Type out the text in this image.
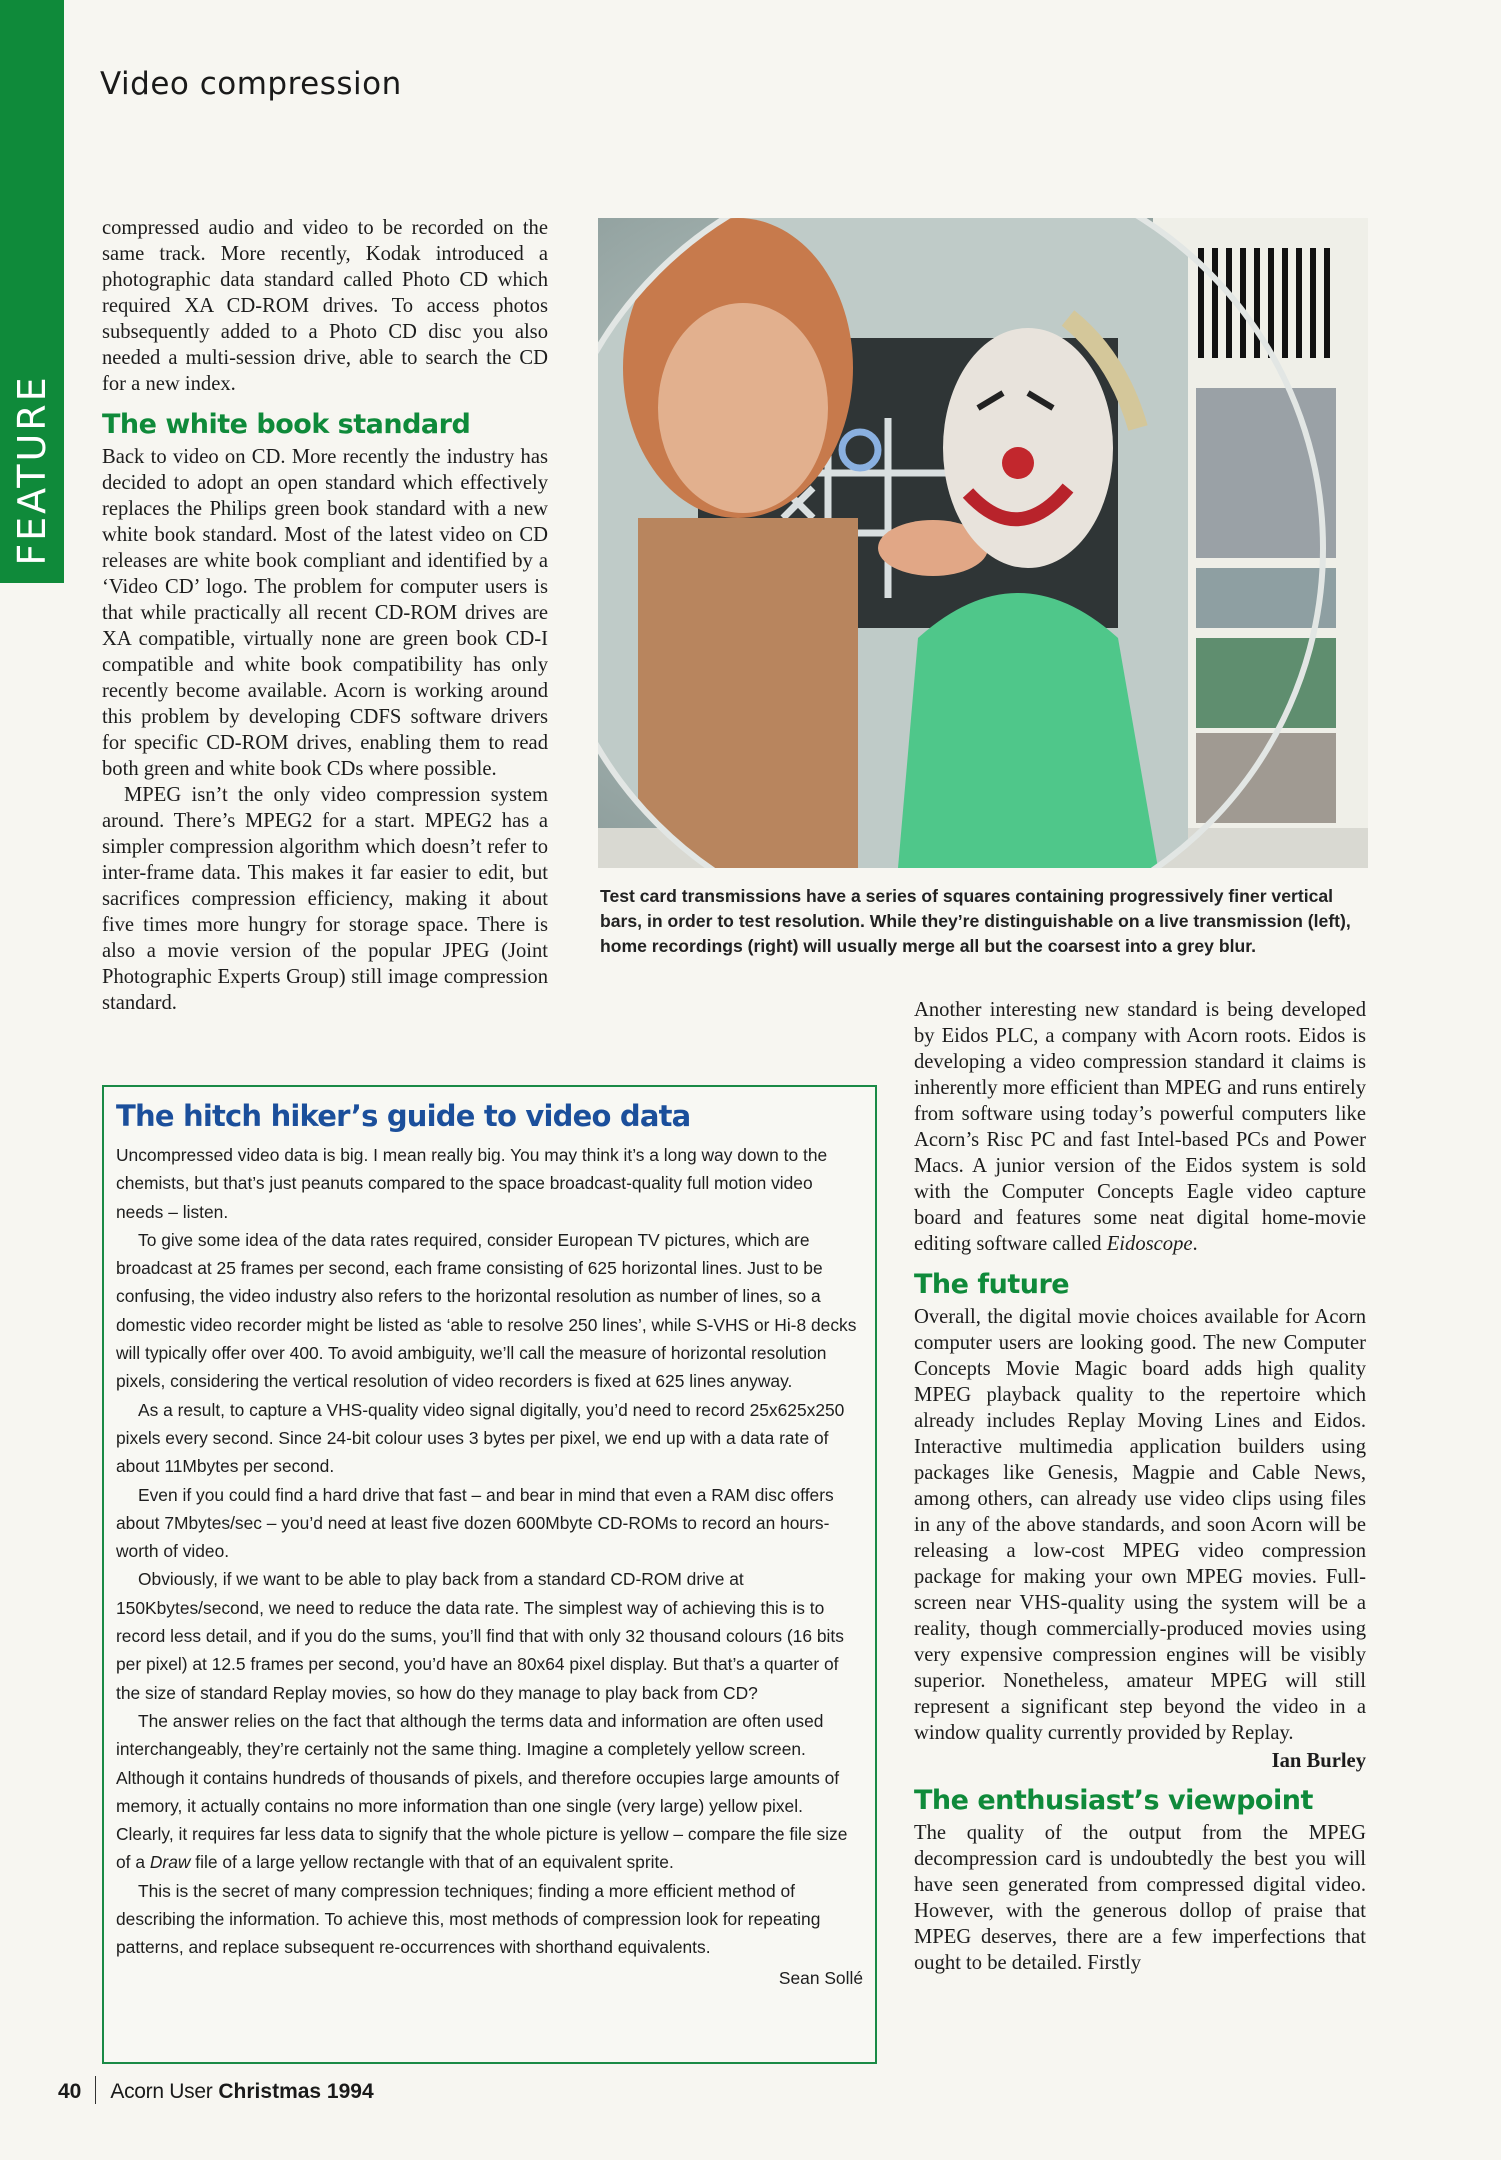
FEATURE
Video compression

compressed audio and video to be recorded on the same track. More recently, Kodak introduced a photographic data standard called Photo CD which required XA CD-ROM drives. To access photos subsequently added to a Photo CD disc you also needed a multi-session drive, able to search the CD for a new index.

The white book standard

Back to video on CD. More recently the industry has decided to adopt an open standard which effectively replaces the Philips green book standard with a new white book standard. Most of the latest video on CD releases are white book compliant and identified by a ‘Video CD’ logo. The problem for computer users is that while practically all recent CD-ROM drives are XA compatible, virtually none are green book CD-I compatible and white book compatibility has only recently become available. Acorn is working around this problem by developing CDFS software drivers for specific CD-ROM drives, enabling them to read both green and white book CDs where possible.

MPEG isn’t the only video compression system around. There’s MPEG2 for a start. MPEG2 has a simpler compression algorithm which doesn’t refer to inter-frame data. This makes it far easier to edit, but sacrifices compression efficiency, making it about five times more hungry for storage space. There is also a movie version of the popular JPEG (Joint Photographic Experts Group) still image compression standard.

Test card transmissions have a series of squares containing progressively finer vertical bars, in order to test resolution. While they’re distinguishable on a live transmission (left), home recordings (right) will usually merge all but the coarsest into a grey blur.
The hitch hiker’s guide to video data

Uncompressed video data is big. I mean really big. You may think it’s a long way down to the chemists, but that’s just peanuts compared to the space broadcast-quality full motion video needs – listen.

To give some idea of the data rates required, consider European TV pictures, which are broadcast at 25 frames per second, each frame consisting of 625 horizontal lines. Just to be confusing, the video industry also refers to the horizontal resolution as number of lines, so a domestic video recorder might be listed as ‘able to resolve 250 lines’, while S-VHS or Hi-8 decks will typically offer over 400. To avoid ambiguity, we’ll call the measure of horizontal resolution pixels, considering the vertical resolution of video recorders is fixed at 625 lines anyway.

As a result, to capture a VHS-quality video signal digitally, you’d need to record 25x625x250 pixels every second. Since 24-bit colour uses 3 bytes per pixel, we end up with a data rate of about 11Mbytes per second.

Even if you could find a hard drive that fast – and bear in mind that even a RAM disc offers about 7Mbytes/sec – you’d need at least five dozen 600Mbyte CD-ROMs to record an hours-worth of video.

Obviously, if we want to be able to play back from a standard CD-ROM drive at 150Kbytes/second, we need to reduce the data rate. The simplest way of achieving this is to record less detail, and if you do the sums, you’ll find that with only 32 thousand colours (16 bits per pixel) at 12.5 frames per second, you’d have an 80x64 pixel display. But that’s a quarter of the size of standard Replay movies, so how do they manage to play back from CD?

The answer relies on the fact that although the terms data and information are often used interchangeably, they’re certainly not the same thing. Imagine a completely yellow screen. Although it contains hundreds of thousands of pixels, and therefore occupies large amounts of memory, it actually contains no more information than one single (very large) yellow pixel. Clearly, it requires far less data to signify that the whole picture is yellow – compare the file size of a Draw file of a large yellow rectangle with that of an equivalent sprite.

This is the secret of many compression techniques; finding a more efficient method of describing the information. To achieve this, most methods of compression look for repeating patterns, and replace subsequent re-occurrences with shorthand equivalents.

Sean Sollé

Another interesting new standard is being developed by Eidos PLC, a company with Acorn roots. Eidos is developing a video compression standard it claims is inherently more efficient than MPEG and runs entirely from software using today’s powerful computers like Acorn’s Risc PC and fast Intel-based PCs and Power Macs. A junior version of the Eidos system is sold with the Computer Concepts Eagle video capture board and features some neat digital home-movie editing software called Eidoscope.

The future

Overall, the digital movie choices available for Acorn computer users are looking good. The new Computer Concepts Movie Magic board adds high quality MPEG playback quality to the repertoire which already includes Replay Moving Lines and Eidos. Interactive multimedia application builders using packages like Genesis, Magpie and Cable News, among others, can already use video clips using files in any of the above standards, and soon Acorn will be releasing a low-cost MPEG video compression package for making your own MPEG movies. Full-screen near VHS-quality using the system will be a reality, though commercially-produced movies using very expensive compression engines will be visibly superior. Nonetheless, amateur MPEG will still represent a significant step beyond the video in a window quality currently provided by Replay.

Ian Burley
The enthusiast’s viewpoint

The quality of the output from the MPEG decompression card is undoubtedly the best you will have seen generated from compressed digital video. However, with the generous dollop of praise that MPEG deserves, there are a few imperfections that ought to be detailed. Firstly

40 Acorn User Christmas 1994
